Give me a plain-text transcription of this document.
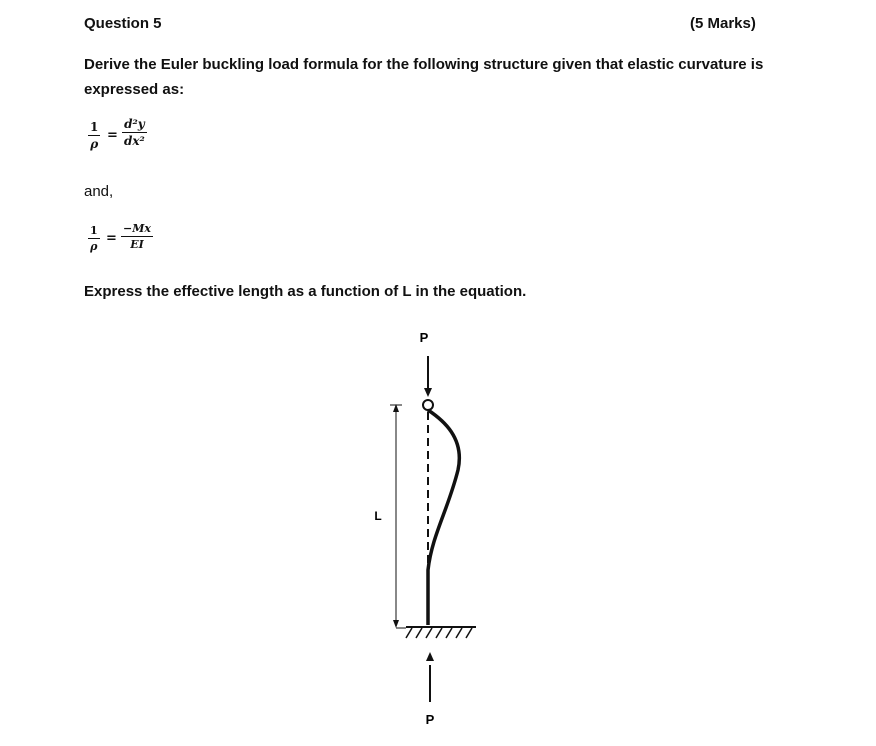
Question 5	(5 Marks)
Derive the Euler buckling load formula for the following structure given that elastic curvature is expressed as:
1
ρ
=
d²y
dx²
and,
1
ρ
=
−Mx
EI
Express the effective length as a function of L in the equation.
P
L
P
